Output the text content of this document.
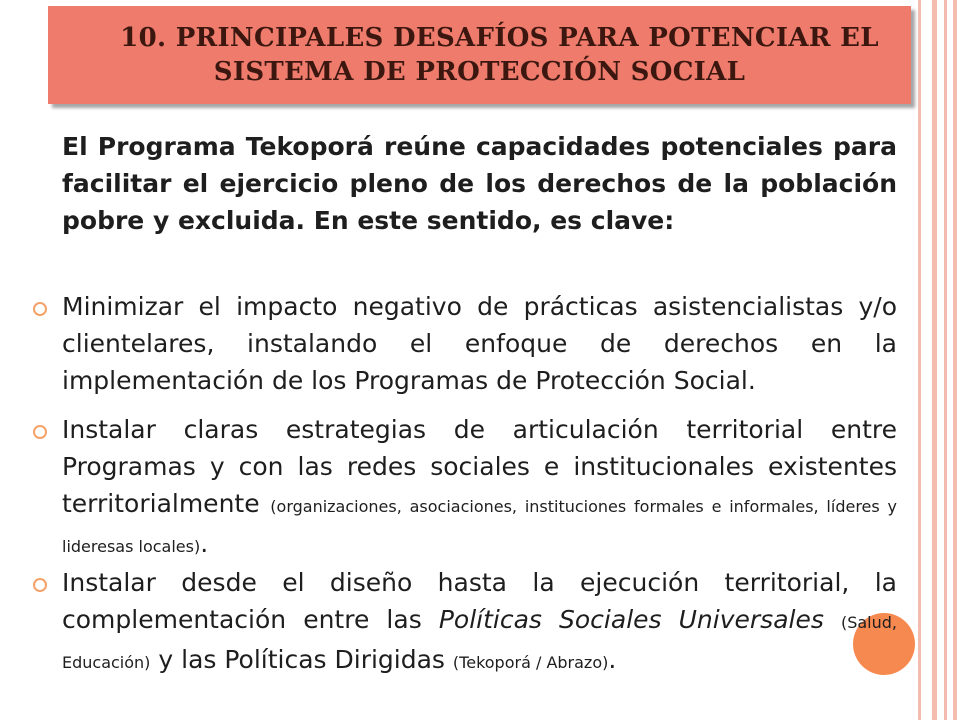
10. PRINCIPALES DESAFÍOS PARA POTENCIAR EL
SISTEMA DE PROTECCIÓN SOCIAL
El Programa Tekoporá reúne capacidades potenciales para facilitar el ejercicio pleno de los derechos de la población pobre y excluida. En este sentido, es clave:
Minimizar el impacto negativo de prácticas asistencialistas y/o clientelares, instalando el enfoque de derechos en la implementación de los Programas de Protección Social.
Instalar claras estrategias de articulación territorial entre Programas y con las redes sociales e institucionales existentes territorialmente (organizaciones, asociaciones, instituciones formales e informales, líderes y lideresas locales).
Instalar desde el diseño hasta la ejecución territorial, la complementación entre las Políticas Sociales Universales (Salud, Educación) y las Políticas Dirigidas (Tekoporá / Abrazo).
